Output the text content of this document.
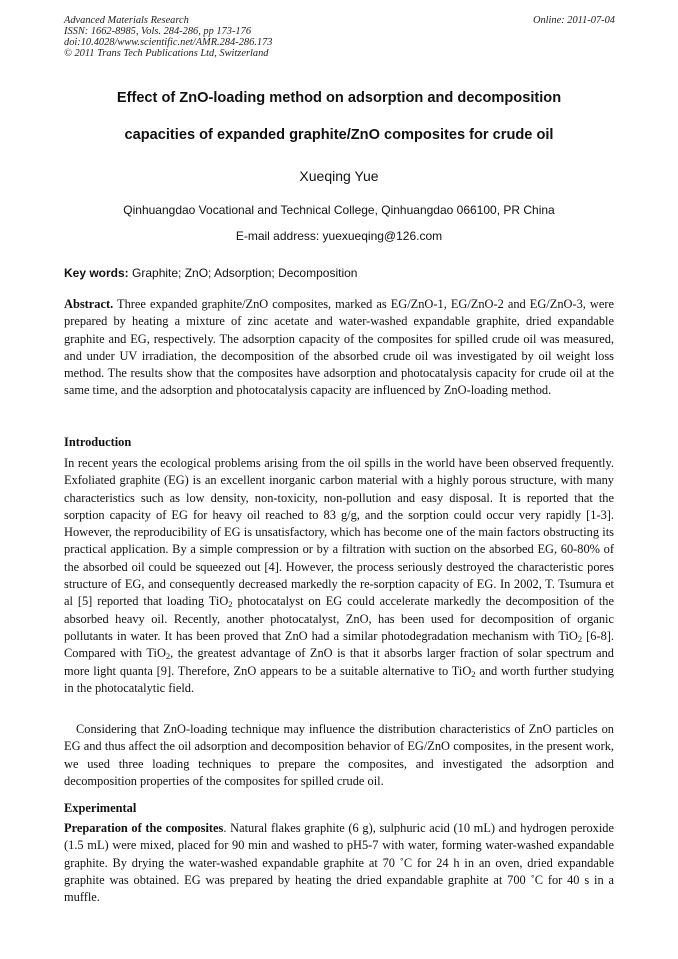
Advanced Materials Research
ISSN: 1662-8985, Vols. 284-286, pp 173-176
doi:10.4028/www.scientific.net/AMR.284-286.173
© 2011 Trans Tech Publications Ltd, Switzerland
Online: 2011-07-04
Effect of ZnO-loading method on adsorption and decomposition
capacities of expanded graphite/ZnO composites for crude oil
Xueqing Yue
Qinhuangdao Vocational and Technical College, Qinhuangdao 066100, PR China
E-mail address: yuexueqing@126.com
Key words: Graphite; ZnO; Adsorption; Decomposition
Abstract. Three expanded graphite/ZnO composites, marked as EG/ZnO-1, EG/ZnO-2 and EG/ZnO-3, were prepared by heating a mixture of zinc acetate and water-washed expandable graphite, dried expandable graphite and EG, respectively. The adsorption capacity of the composites for spilled crude oil was measured, and under UV irradiation, the decomposition of the absorbed crude oil was investigated by oil weight loss method. The results show that the composites have adsorption and photocatalysis capacity for crude oil at the same time, and the adsorption and photocatalysis capacity are influenced by ZnO-loading method.
Introduction
In recent years the ecological problems arising from the oil spills in the world have been observed frequently. Exfoliated graphite (EG) is an excellent inorganic carbon material with a highly porous structure, with many characteristics such as low density, non-toxicity, non-pollution and easy disposal. It is reported that the sorption capacity of EG for heavy oil reached to 83 g/g, and the sorption could occur very rapidly [1-3]. However, the reproducibility of EG is unsatisfactory, which has become one of the main factors obstructing its practical application. By a simple compression or by a filtration with suction on the absorbed EG, 60-80% of the absorbed oil could be squeezed out [4]. However, the process seriously destroyed the characteristic pores structure of EG, and consequently decreased markedly the re-sorption capacity of EG. In 2002, T. Tsumura et al [5] reported that loading TiO$_2$ photocatalyst on EG could accelerate markedly the decomposition of the absorbed heavy oil. Recently, another photocatalyst, ZnO, has been used for decomposition of organic pollutants in water. It has been proved that ZnO had a similar photodegradation mechanism with TiO$_2$ [6-8]. Compared with TiO$_2$, the greatest advantage of ZnO is that it absorbs larger fraction of solar spectrum and more light quanta [9]. Therefore, ZnO appears to be a suitable alternative to TiO$_2$ and worth further studying in the photocatalytic field.
Considering that ZnO-loading technique may influence the distribution characteristics of ZnO particles on EG and thus affect the oil adsorption and decomposition behavior of EG/ZnO composites, in the present work, we used three loading techniques to prepare the composites, and investigated the adsorption and decomposition properties of the composites for spilled crude oil.
Experimental
Preparation of the composites. Natural flakes graphite (6 g), sulphuric acid (10 mL) and hydrogen peroxide (1.5 mL) were mixed, placed for 90 min and washed to pH5-7 with water, forming water-washed expandable graphite. By drying the water-washed expandable graphite at 70 ˚C for 24 h in an oven, dried expandable graphite was obtained. EG was prepared by heating the dried expandable graphite at 700 ˚C for 40 s in a muffle.
